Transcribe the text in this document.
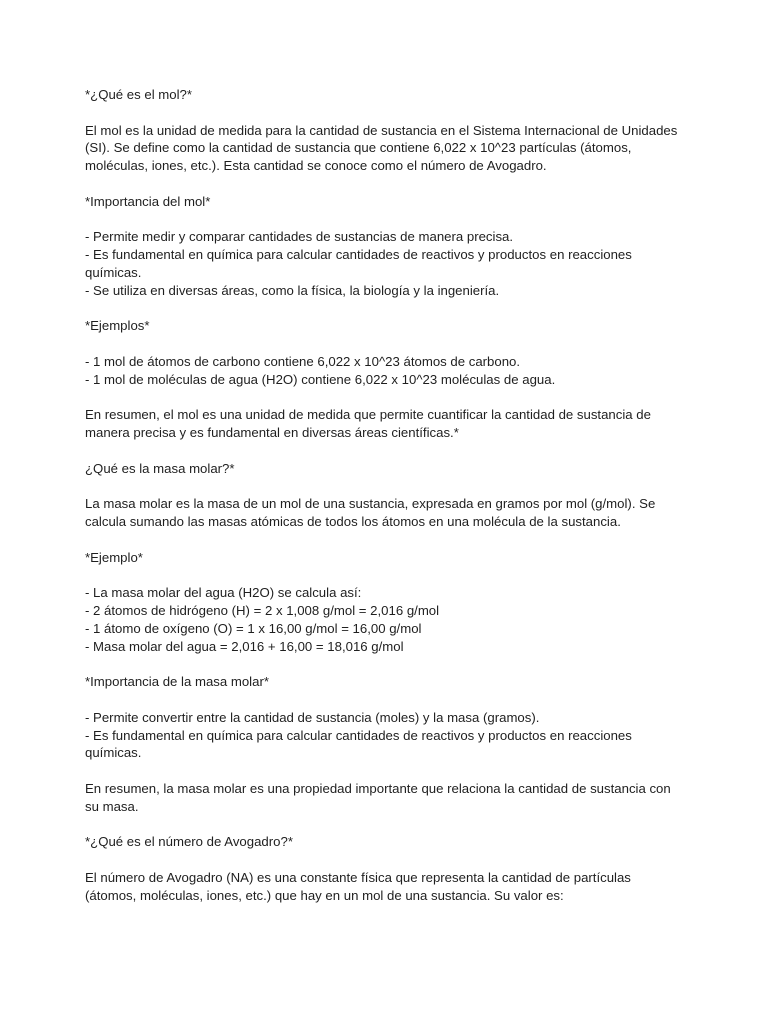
*¿Qué es el mol?*

El mol es la unidad de medida para la cantidad de sustancia en el Sistema Internacional de Unidades (SI). Se define como la cantidad de sustancia que contiene 6,022 x 10^23 partículas (átomos, moléculas, iones, etc.). Esta cantidad se conoce como el número de Avogadro.

*Importancia del mol*

- Permite medir y comparar cantidades de sustancias de manera precisa.
- Es fundamental en química para calcular cantidades de reactivos y productos en reacciones químicas.
- Se utiliza en diversas áreas, como la física, la biología y la ingeniería.

*Ejemplos*

- 1 mol de átomos de carbono contiene 6,022 x 10^23 átomos de carbono.
- 1 mol de moléculas de agua (H2O) contiene 6,022 x 10^23 moléculas de agua.

En resumen, el mol es una unidad de medida que permite cuantificar la cantidad de sustancia de manera precisa y es fundamental en diversas áreas científicas.*

¿Qué es la masa molar?*

La masa molar es la masa de un mol de una sustancia, expresada en gramos por mol (g/mol). Se calcula sumando las masas atómicas de todos los átomos en una molécula de la sustancia.

*Ejemplo*

- La masa molar del agua (H2O) se calcula así:
- 2 átomos de hidrógeno (H) = 2 x 1,008 g/mol = 2,016 g/mol
- 1 átomo de oxígeno (O) = 1 x 16,00 g/mol = 16,00 g/mol
- Masa molar del agua = 2,016 + 16,00 = 18,016 g/mol

*Importancia de la masa molar*

- Permite convertir entre la cantidad de sustancia (moles) y la masa (gramos).
- Es fundamental en química para calcular cantidades de reactivos y productos en reacciones químicas.

En resumen, la masa molar es una propiedad importante que relaciona la cantidad de sustancia con su masa.

*¿Qué es el número de Avogadro?*

El número de Avogadro (NA) es una constante física que representa la cantidad de partículas (átomos, moléculas, iones, etc.) que hay en un mol de una sustancia. Su valor es:
